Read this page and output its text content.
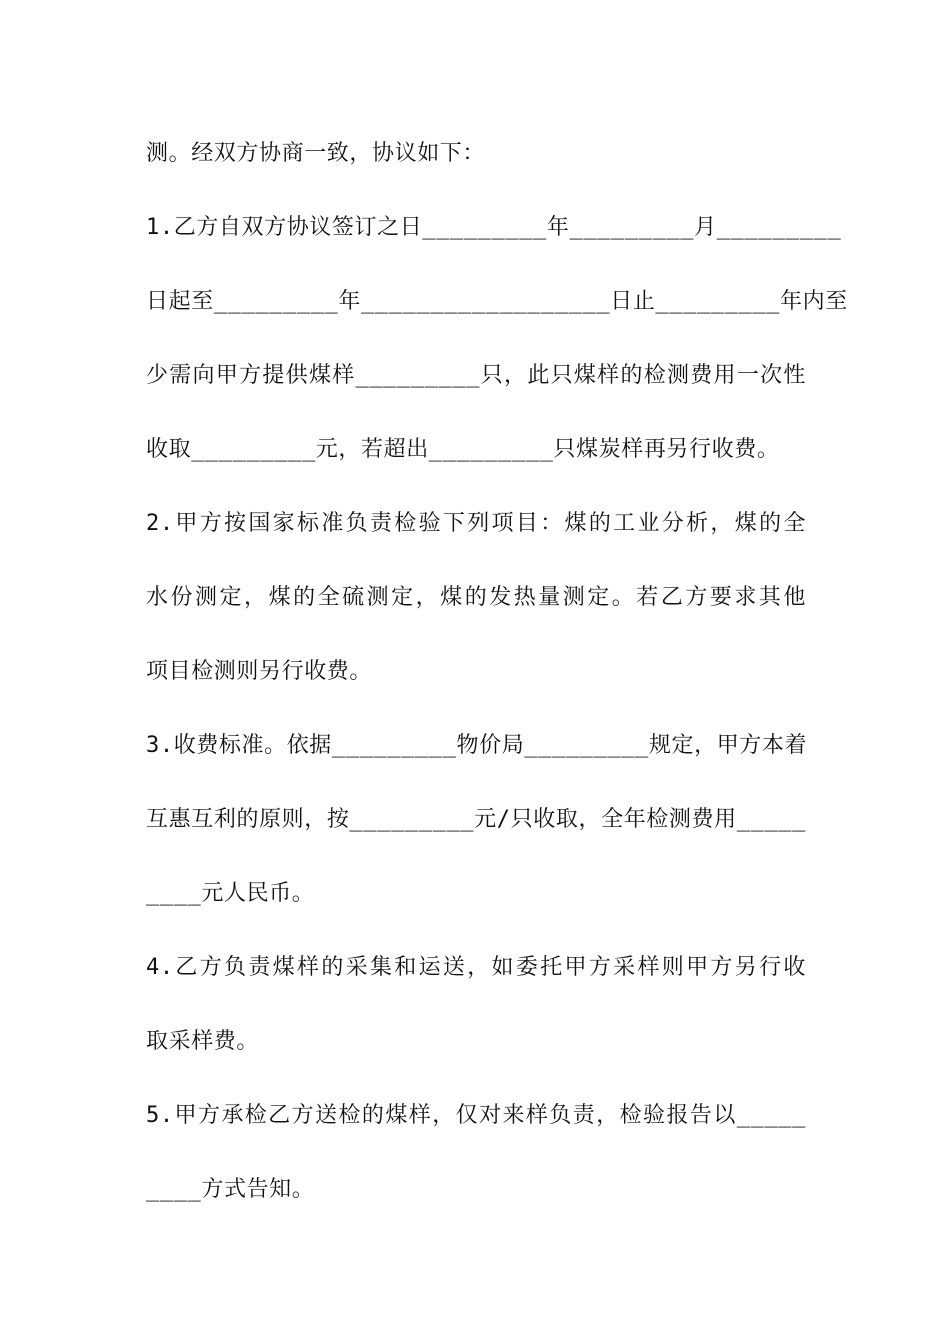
测。经双方协商一致，协议如下：
1.乙方自双方协议签订之日_________年_________月_________
日起至_________年__________________日止_________年内至
少需向甲方提供煤样_________只，此只煤样的检测费用一次性
收取_________元，若超出_________只煤炭样再另行收费。
2.甲方按国家标准负责检验下列项目：煤的工业分析，煤的全
水份测定，煤的全硫测定，煤的发热量测定。若乙方要求其他
项目检测则另行收费。
3.收费标准。依据_________物价局_________规定，甲方本着
互惠互利的原则，按_________元/只收取，全年检测费用_____
____元人民币。
4.乙方负责煤样的采集和运送，如委托甲方采样则甲方另行收
取采样费。
5.甲方承检乙方送检的煤样，仅对来样负责，检验报告以_____
____方式告知。
